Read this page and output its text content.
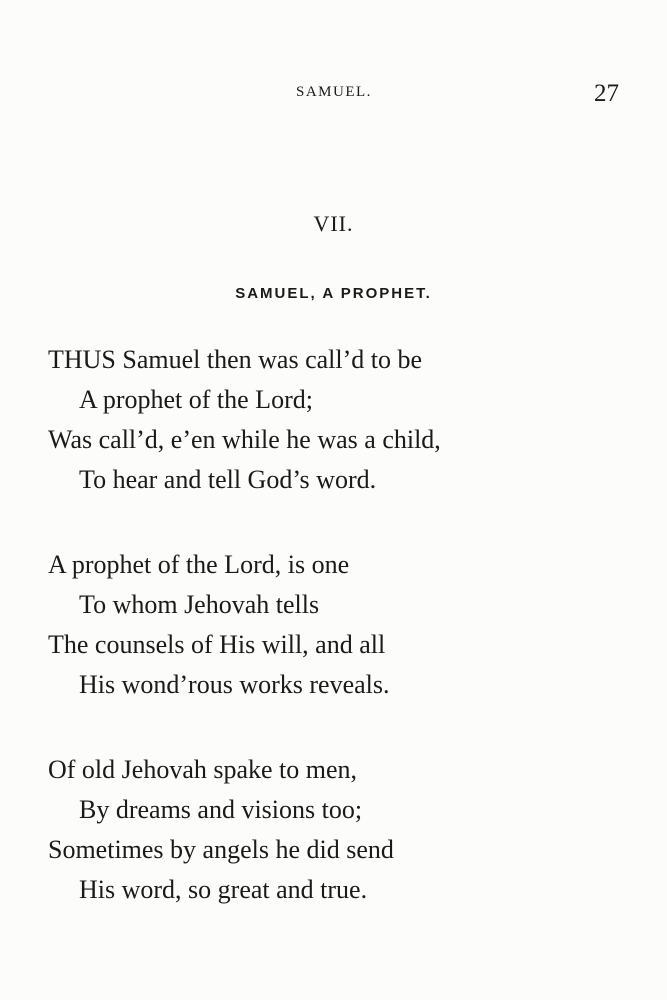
SAMUEL.	27
VII.
SAMUEL, A PROPHET.
THUS Samuel then was call’d to be
A prophet of the Lord;
Was call’d, e’en while he was a child,
To hear and tell God’s word.
A prophet of the Lord, is one
To whom Jehovah tells
The counsels of His will, and all
His wond’rous works reveals.
Of old Jehovah spake to men,
By dreams and visions too;
Sometimes by angels he did send
His word, so great and true.
